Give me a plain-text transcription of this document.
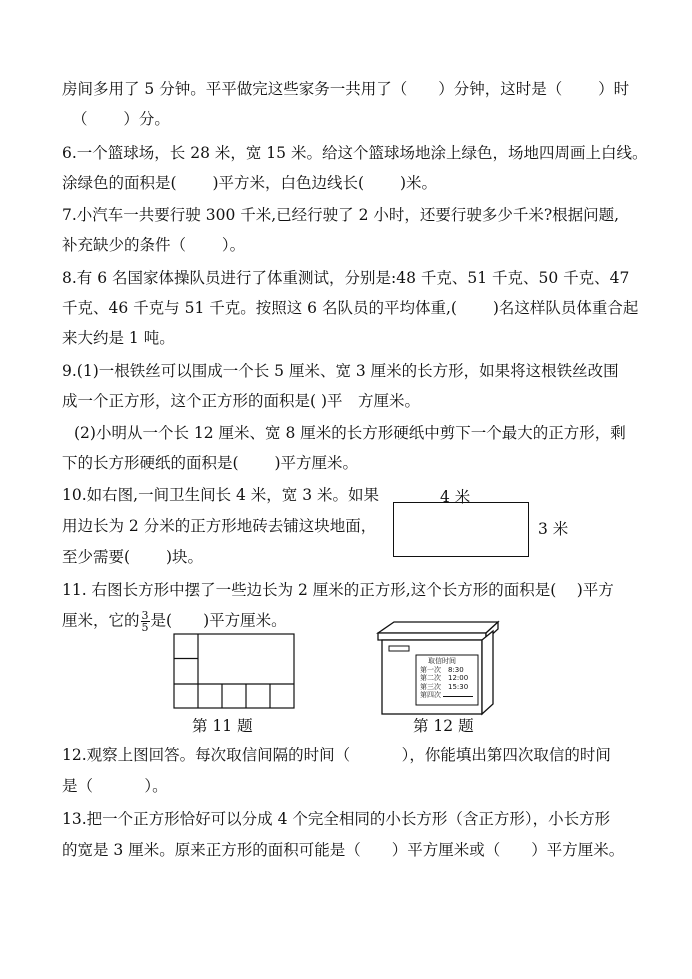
房间多用了 5 分钟。平平做完这些家务一共用了（　　）分钟，这时是（　　 ）时
（　　 ）分。
6.一个篮球场，长 28 米，宽 15 米。给这个篮球场地涂上绿色，场地四周画上白线。
涂绿色的面积是(　　 )平方米，白色边线长(　　 )米。
7.小汽车一共要行驶 300 千米,已经行驶了 2 小时，还要行驶多少千米?根据问题,
补充缺少的条件（　　 ）。
8.有 6 名国家体操队员进行了体重测试，分别是:48 千克、51 千克、50 千克、47
千克、46 千克与 51 千克。按照这 6 名队员的平均体重,(　　 )名这样队员体重合起
来大约是 1 吨。
9.(1)一根铁丝可以围成一个长 5 厘米、宽 3 厘米的长方形，如果将这根铁丝改围
成一个正方形，这个正方形的面积是( )平　方厘米。
(2)小明从一个长 12 厘米、宽 8 厘米的长方形硬纸中剪下一个最大的正方形，剩
下的长方形硬纸的面积是(　　 )平方厘米。
10.如右图,一间卫生间长 4 米，宽 3 米。如果
用边长为 2 分米的正方形地砖去铺这块地面，
至少需要(　　 )块。
11. 右图长方形中摆了一些边长为 2 厘米的正方形,这个长方形的面积是(　 )平方
厘米，它的 $\frac{3}{5}$ 是(　　)平方厘米。
12.观察上图回答。每次取信间隔的时间（　　　 ），你能填出第四次取信的时间
是（　　　 ）。
13.把一个正方形恰好可以分成 4 个完全相同的小长方形（含正方形），小长方形
的宽是 3 厘米。原来正方形的面积可能是（　　）平方厘米或（　　）平方厘米。
4 米
3 米
第 11 题
取信时间
第一次　8:30
第二次　12:00
第三次　15:30
第四次
第 12 题
